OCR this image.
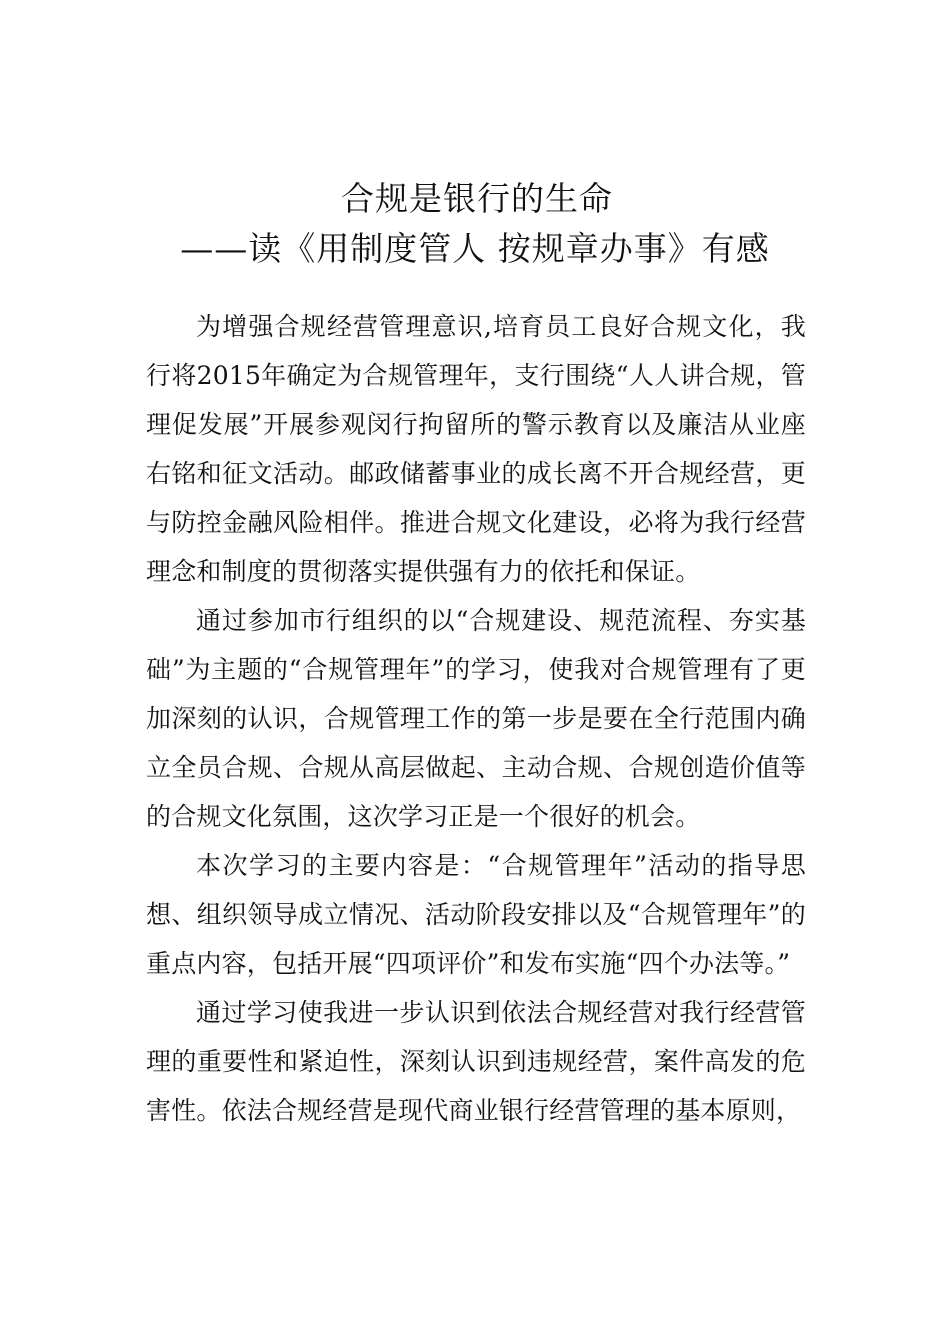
合规是银行的生命
——读《用制度管人 按规章办事》有感

为增强合规经营管理意识,培育员工良好合规文化，我行将2015年确定为合规管理年，支行围绕“人人讲合规，管理促发展”开展参观闵行拘留所的警示教育以及廉洁从业座右铭和征文活动。邮政储蓄事业的成长离不开合规经营，更与防控金融风险相伴。推进合规文化建设，必将为我行经营理念和制度的贯彻落实提供强有力的依托和保证。

通过参加市行组织的以“合规建设、规范流程、夯实基础”为主题的“合规管理年”的学习，使我对合规管理有了更加深刻的认识，合规管理工作的第一步是要在全行范围内确立全员合规、合规从高层做起、主动合规、合规创造价值等的合规文化氛围，这次学习正是一个很好的机会。

本次学习的主要内容是：“合规管理年”活动的指导思想、组织领导成立情况、活动阶段安排以及“合规管理年”的重点内容，包括开展“四项评价”和发布实施“四个办法等。”

通过学习使我进一步认识到依法合规经营对我行经营管理的重要性和紧迫性，深刻认识到违规经营，案件高发的危害性。依法合规经营是现代商业银行经营管理的基本原则，
